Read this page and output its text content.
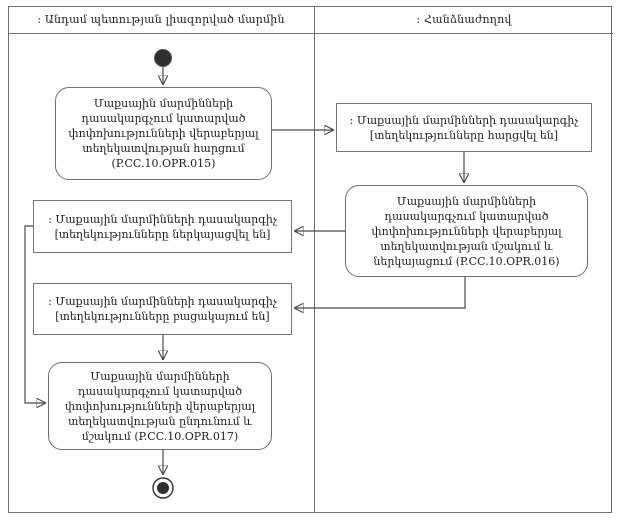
: Անդամ պետության լիազորված մարմին	: Հանձնաժողով
Մաքսային մարմինների
դասակարգչում կատարված
փոփոխությունների վերաբերյալ
տեղեկատվության հարցում
(P.CC.10.OPR.015)
: Մաքսային մարմինների դասակարգիչ
[տեղեկությունները հարցվել են]
Մաքսային մարմինների
դասակարգչում կատարված
փոփոխությունների վերաբերյալ
տեղեկատվության մշակում և
ներկայացում (P.CC.10.OPR.016)
: Մաքսային մարմինների դասակարգիչ
[տեղեկությունները ներկայացվել են]
: Մաքսային մարմինների դասակարգիչ
[տեղեկությունները բացակայում են]
Մաքսային մարմինների
դասակարգչում կատարված
փոփոխությունների վերաբերյալ
տեղեկատվության ընդունում և
մշակում (P.CC.10.OPR.017)
